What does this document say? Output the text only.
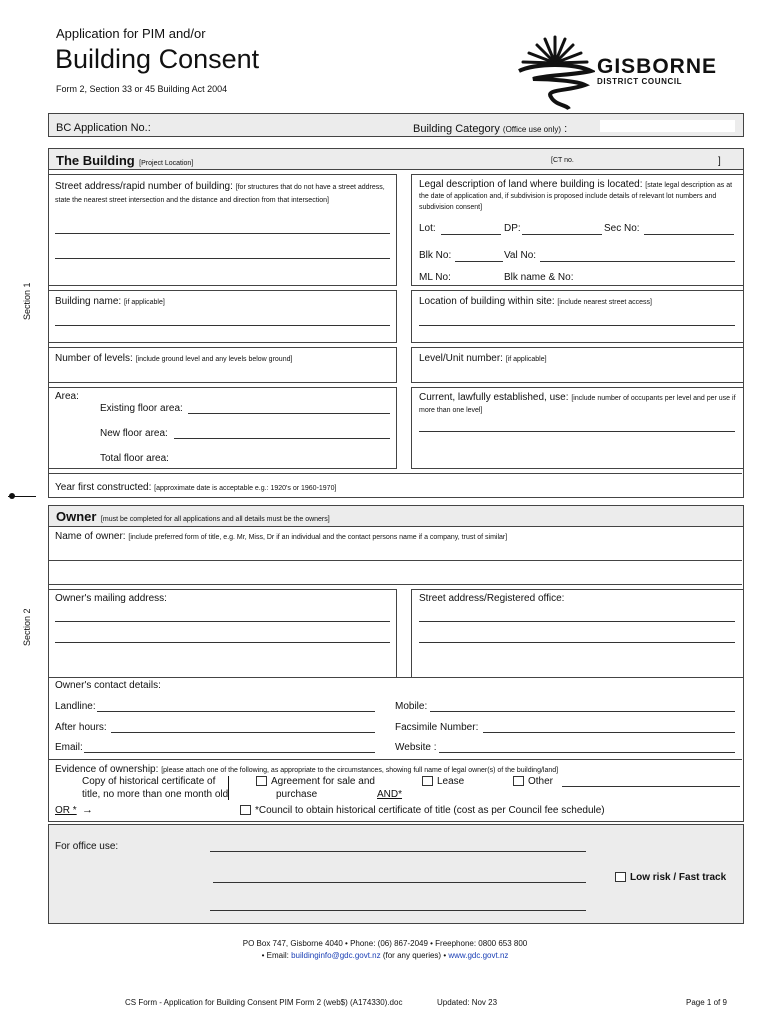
Application for PIM and/or
Building Consent
Form 2, Section 33 or 45 Building Act 2004
GISBORNE
DISTRICT COUNCIL
BC Application No.:	Building Category (Office use only) :
The Building [Project Location]	[CT no.	]
Street address/rapid number of building: [for structures that do not have a street address, state the nearest street intersection and the distance and direction from that intersection]
Legal description of land where building is located: [state legal description as at the date of application and, if subdivision is proposed include details of relevant lot numbers and subdivision consent]
Lot:	DP:	Sec No:
Blk No:	Val No:
ML No:	Blk name & No:
Building name: [if applicable]	Location of building within site: [include nearest street access]
Number of levels: [include ground level and any levels below ground]	Level/Unit number: [if applicable]
Area:
Existing floor area:
New floor area:
Total floor area:
Current, lawfully established, use: [include number of occupants per level and per use if more than one level]
Year first constructed: [approximate date is acceptable e.g.: 1920's or 1960-1970]
Section 1
Section 2
Owner [must be completed for all applications and all details must be the owners]
Name of owner: [include preferred form of title, e.g. Mr, Miss, Dr if an individual and the contact persons name if a company, trust of similar]
Owner's mailing address:	Street address/Registered office:
Owner's contact details:
Landline:	Mobile:
After hours:	Facsimile Number:
Email:	Website :
Evidence of ownership: [please attach one of the following, as appropriate to the circumstances, showing full name of legal owner(s) of the building/land]
Copy of historical certificate of
title, no more than one month old
Agreement for sale and
purchase	AND*
Lease	Other
OR * →	*Council to obtain historical certificate of title (cost as per Council fee schedule)
For office use:
Low risk / Fast track
PO Box 747, Gisborne 4040 • Phone: (06) 867-2049 • Freephone: 0800 653 800
• Email: buildinginfo@gdc.govt.nz (for any queries) • www.gdc.govt.nz
CS Form - Application for Building Consent PIM Form 2 (web$) (A174330).doc	Updated: Nov 23	Page 1 of 9
